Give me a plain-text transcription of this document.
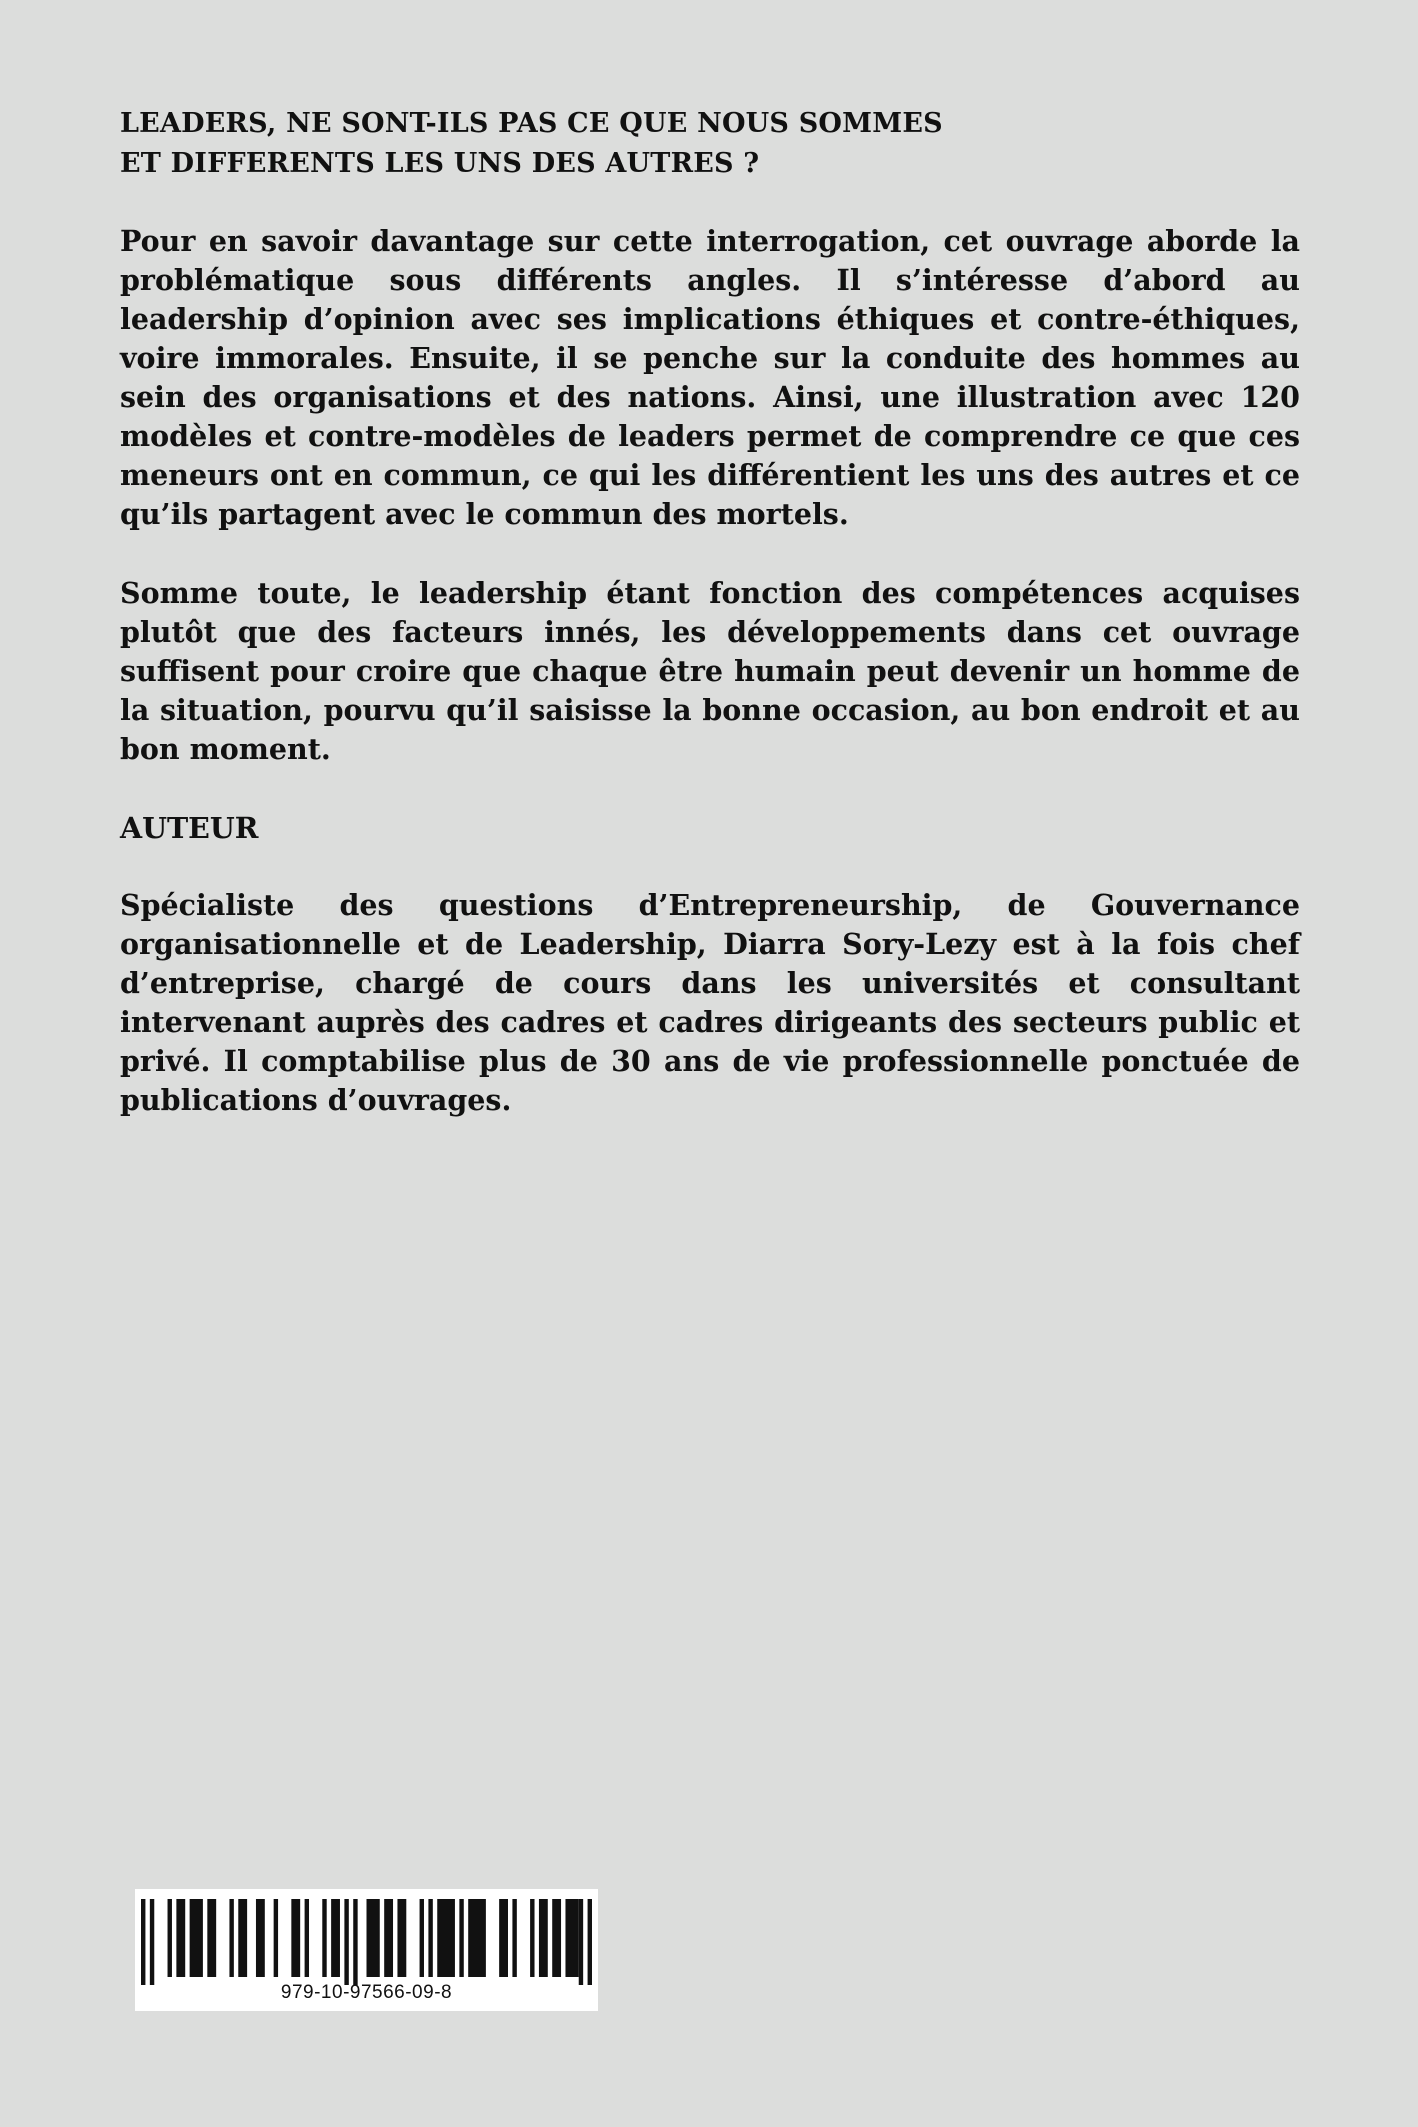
LEADERS, NE SONT-ILS PAS CE QUE NOUS SOMMES

ET DIFFERENTS LES UNS DES AUTRES ?

Pour en savoir davantage sur cette interrogation, cet ouvrage aborde la problématique sous différents angles. Il s’intéresse d’abord au leadership d’opinion avec ses implications éthiques et contre-éthiques, voire immorales. Ensuite, il se penche sur la conduite des hommes au sein des organisations et des nations. Ainsi, une illustration avec 120 modèles et contre-modèles de leaders permet de comprendre ce que ces meneurs ont en commun, ce qui les différentient les uns des autres et ce qu’ils partagent avec le commun des mortels.

Somme toute, le leadership étant fonction des compétences acquises plutôt que des facteurs innés, les développements dans cet ouvrage suffisent pour croire que chaque être humain peut devenir un homme de la situation, pourvu qu’il saisisse la bonne occasion, au bon endroit et au bon moment.

AUTEUR

Spécialiste des questions d’Entrepreneurship, de Gouvernance organisationnelle et de Leadership, Diarra Sory-Lezy est à la fois chef d’entreprise, chargé de cours dans les universités et consultant intervenant auprès des cadres et cadres dirigeants des secteurs public et privé. Il comptabilise plus de 30 ans de vie professionnelle ponctuée de publications d’ouvrages.

979-10-97566-09-8
